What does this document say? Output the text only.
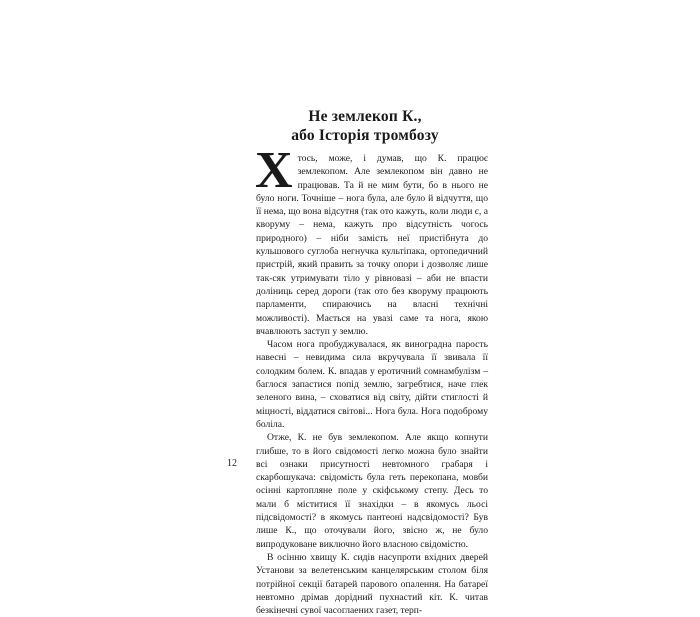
Не землекоп К.,
або Історія тромбозу

Хтось, може, і думав, що К. працює землекопом. Але землекопом він давно не працював. Та й не мим бути, бо в нього не було ноги. Точніше – нога була, але було й відчуття, що її нема, що вона відсутня (так ото кажуть, коли люди є, а кворуму – нема, кажуть про відсутність чогось природного) – ніби замість неї пристібнута до кульшового суглоба негнучка культіпака, ортопедичний пристрій, який править за точку опори і дозволяє лише так-сяк утримувати тіло у рівновазі – аби не впасти доліниць серед дороги (так ото без кворуму працюють парламенти, спираючись на власні технічні можливості). Мається на увазі саме та нога, якою вчавлюють заступ у землю.

Часом нога пробуджувалася, як виноградна парость навесні – невидима сила вкручувала її звивала її солодким болем. К. впадав у еротичний сомнамбулізм – баглося запастися попід землю, загребтися, наче глек зеленого вина, – сховатися від світу, дійти стиглості й міцності, віддатися світові... Нога була. Нога подоброму боліла.

Отже, К. не був землекопом. Але якщо копнути глибше, то в його свідомості легко можна було знайти всі ознаки присутності невтомного грабаря і скарбошукача: свідомість була геть перекопана, мовби осінні картопляне поле у скіфському степу. Десь то мали б міститися її знахідки – в якомусь льосі підсвідомості? в якомусь пантеоні надсвідомості? Був лише К., що оточували його, звісно ж, не було випродуковане виключно його власною свідомістю.

В осінню хвищу К. сидів насупроти вхідних дверей Установи за велетенським канцелярським столом біля потрійної секції батарей парового опалення. На батареї невтомно дрімав дорідний пухнастий кіт. К. читав безкінечні сувої часоглаених газет, терп-

12
